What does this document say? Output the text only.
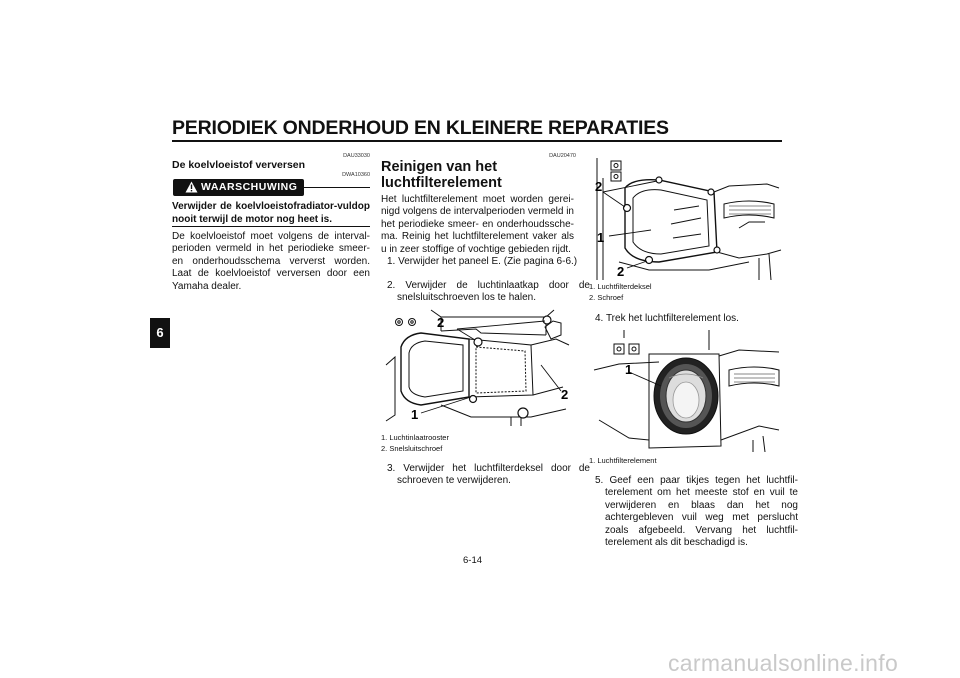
PERIODIEK ONDERHOUD EN KLEINERE REPARATIES
6
DAU33030
De koelvloeistof verversen
WAARSCHUWING
DWA10360
Verwijder de koelvloeistofradiator-vuldop nooit terwijl de motor nog heet is.
De koelvloeistof moet volgens de interval-perioden vermeld in het periodieke smeer- en onderhoudsschema ververst worden. Laat de koelvloeistof verversen door een Yamaha dealer.
DAU20470
Reinigen van het luchtfilterelement
Het luchtfilterelement moet worden gerei-nigd volgens de intervalperioden vermeld in het periodieke smeer- en onderhoudssche-ma. Reinig het luchtfilterelement vaker als u in zeer stoffige of vochtige gebieden rijdt.
1. Verwijder het paneel E. (Zie pagina 6-6.)
2. Verwijder de luchtinlaatkap door de snelsluitschroeven los te halen.
2
2
1
1. Luchtinlaatrooster
2. Snelsluitschroef
3. Verwijder het luchtfilterdeksel door de schroeven te verwijderen.
2
1
2
1. Luchtfilterdeksel
2. Schroef
4. Trek het luchtfilterelement los.
1
1. Luchtfilterelement
5. Geef een paar tikjes tegen het luchtfil-terelement om het meeste stof en vuil te verwijderen en blaas dan het nog achtergebleven vuil weg met perslucht zoals afgebeeld. Vervang het luchtfil-terelement als dit beschadigd is.
6-14
carmanualsonline.info
